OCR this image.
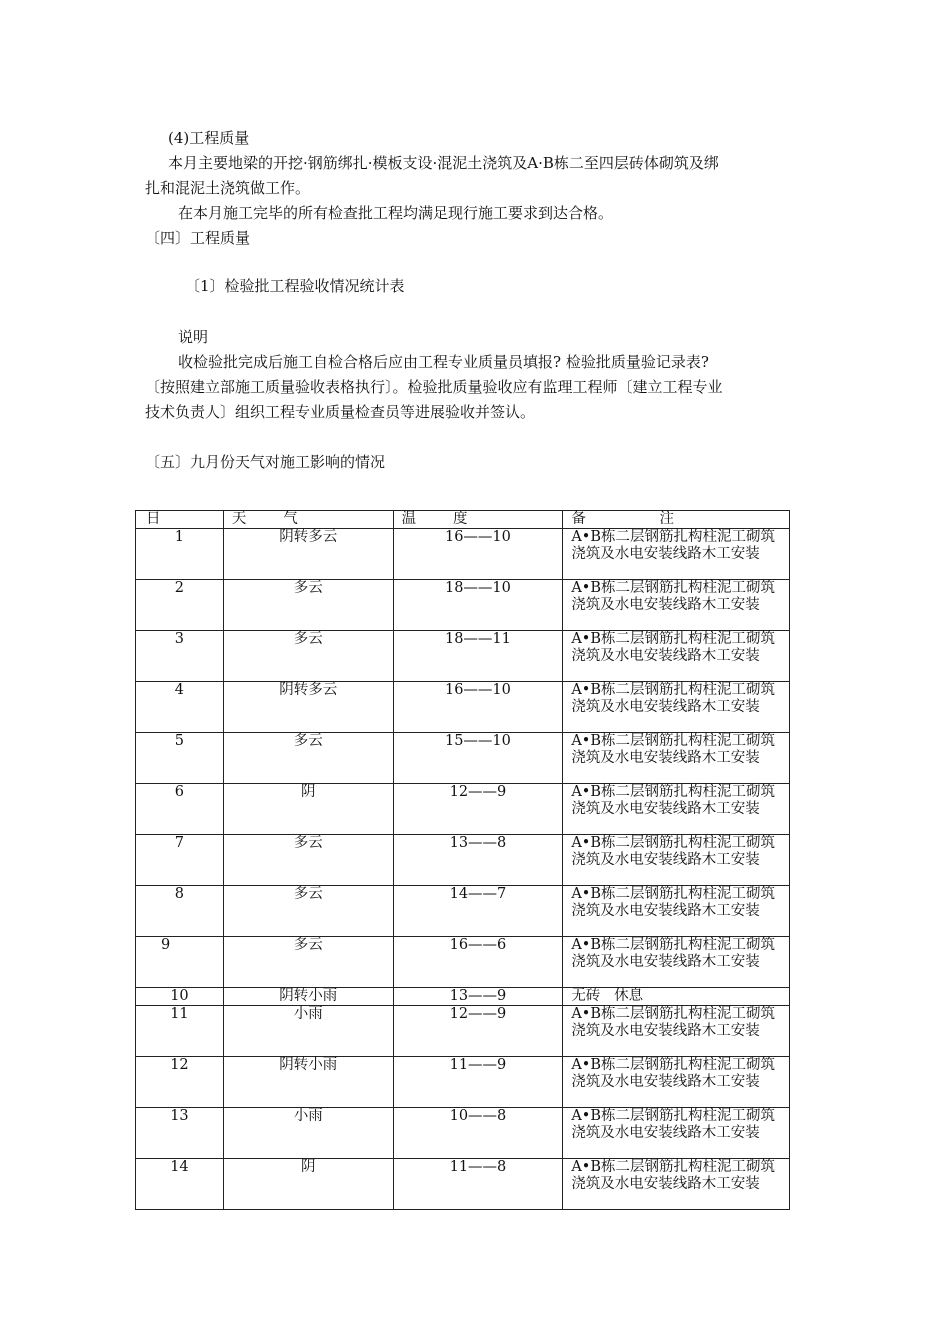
(4)工程质量
本月主要地梁的开挖·钢筋绑扎·模板支设·混泥土浇筑及A·B栋二至四层砖体砌筑及绑
扎和混泥土浇筑做工作。
在本月施工完毕的所有检查批工程均满足现行施工要求到达合格。
〔四〕工程质量
〔1〕检验批工程验收情况统计表
说明
收检验批完成后施工自检合格后应由工程专业质量员填报? 检验批质量验记录表?
〔按照建立部施工质量验收表格执行〕。检验批质量验收应有监理工程师〔建立工程专业
技术负责人〕组织工程专业质量检查员等进展验收并签认。
〔五〕九月份天气对施工影响的情况
日	天        气	温        度	备                注

1	阴转多云	16——10	A•B栋二层钢筋扎构柱泥工砌筑浇筑及水电安装线路木工安装
2	多云	18——10	A•B栋二层钢筋扎构柱泥工砌筑浇筑及水电安装线路木工安装
3	多云	18——11	A•B栋二层钢筋扎构柱泥工砌筑浇筑及水电安装线路木工安装
4	阴转多云	16——10	A•B栋二层钢筋扎构柱泥工砌筑浇筑及水电安装线路木工安装
5	多云	15——10	A•B栋二层钢筋扎构柱泥工砌筑浇筑及水电安装线路木工安装
6	阴	12——9	A•B栋二层钢筋扎构柱泥工砌筑浇筑及水电安装线路木工安装
7	多云	13——8	A•B栋二层钢筋扎构柱泥工砌筑浇筑及水电安装线路木工安装
8	多云	14——7	A•B栋二层钢筋扎构柱泥工砌筑浇筑及水电安装线路木工安装
9	多云	16——6	A•B栋二层钢筋扎构柱泥工砌筑浇筑及水电安装线路木工安装
10	阴转小雨	13——9	无砖   休息
11	小雨	12——9	A•B栋二层钢筋扎构柱泥工砌筑浇筑及水电安装线路木工安装
12	阴转小雨	11——9	A•B栋二层钢筋扎构柱泥工砌筑浇筑及水电安装线路木工安装
13	小雨	10——8	A•B栋二层钢筋扎构柱泥工砌筑浇筑及水电安装线路木工安装
14	阴	11——8	A•B栋二层钢筋扎构柱泥工砌筑浇筑及水电安装线路木工安装
